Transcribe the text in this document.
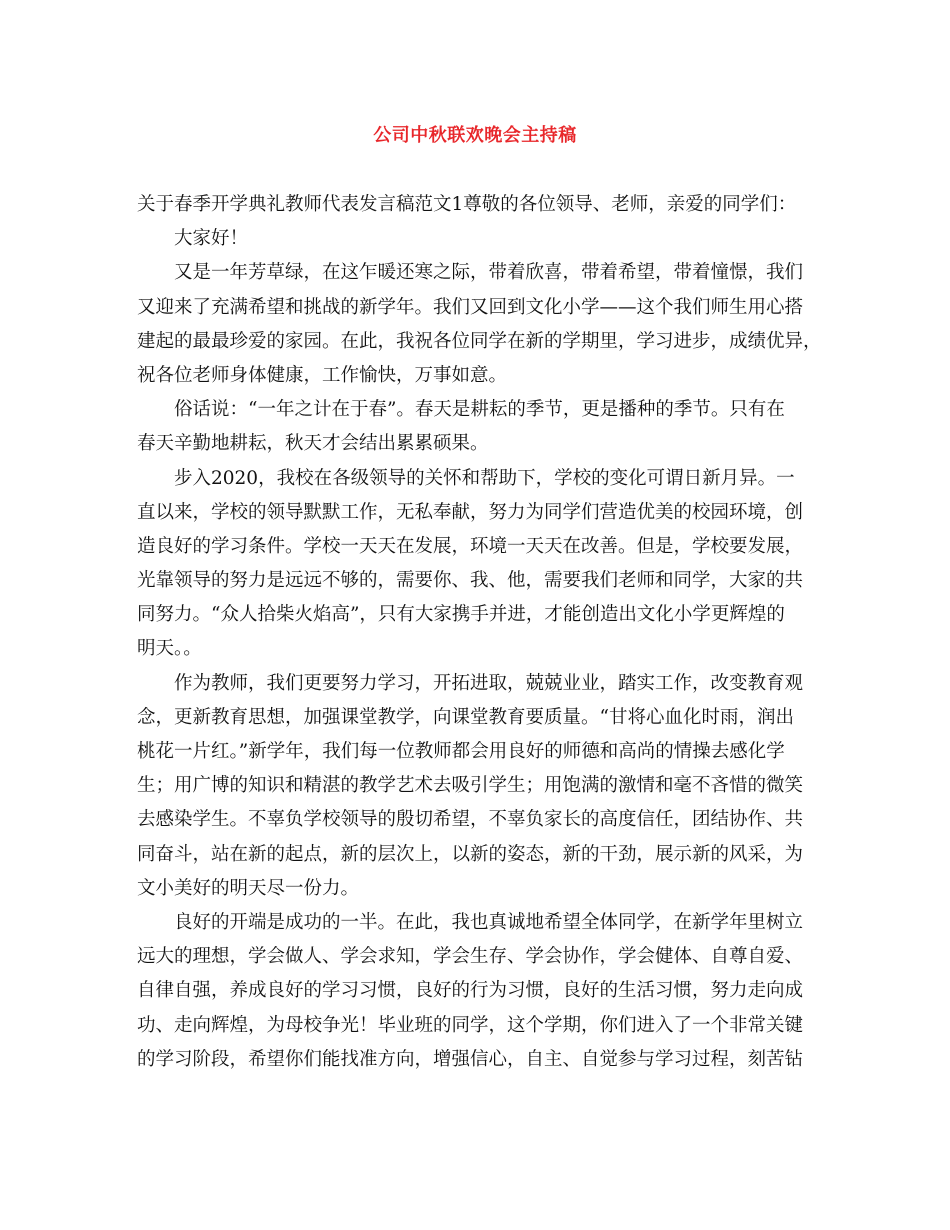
公司中秋联欢晚会主持稿
关于春季开学典礼教师代表发言稿范文1尊敬的各位领导、老师，亲爱的同学们：
大家好！
又是一年芳草绿，在这乍暖还寒之际，带着欣喜，带着希望，带着憧憬，我们
又迎来了充满希望和挑战的新学年。我们又回到文化小学——这个我们师生用心搭
建起的最最珍爱的家园。在此，我祝各位同学在新的学期里，学习进步，成绩优异，
祝各位老师身体健康，工作愉快，万事如意。
俗话说：“一年之计在于春”。春天是耕耘的季节，更是播种的季节。只有在
春天辛勤地耕耘，秋天才会结出累累硕果。
步入2020，我校在各级领导的关怀和帮助下，学校的变化可谓日新月异。一
直以来，学校的领导默默工作，无私奉献，努力为同学们营造优美的校园环境，创
造良好的学习条件。学校一天天在发展，环境一天天在改善。但是，学校要发展，
光靠领导的努力是远远不够的，需要你、我、他，需要我们老师和同学，大家的共
同努力。“众人拾柴火焰高”，只有大家携手并进，才能创造出文化小学更辉煌的
明天。。
作为教师，我们更要努力学习，开拓进取，兢兢业业，踏实工作，改变教育观
念，更新教育思想，加强课堂教学，向课堂教育要质量。“甘将心血化时雨，润出
桃花一片红。”新学年，我们每一位教师都会用良好的师德和高尚的情操去感化学
生；用广博的知识和精湛的教学艺术去吸引学生；用饱满的激情和毫不吝惜的微笑
去感染学生。不辜负学校领导的殷切希望，不辜负家长的高度信任，团结协作、共
同奋斗，站在新的起点，新的层次上，以新的姿态，新的干劲，展示新的风采，为
文小美好的明天尽一份力。
良好的开端是成功的一半。在此，我也真诚地希望全体同学，在新学年里树立
远大的理想，学会做人、学会求知，学会生存、学会协作，学会健体、自尊自爱、
自律自强，养成良好的学习习惯，良好的行为习惯，良好的生活习惯，努力走向成
功、走向辉煌，为母校争光！毕业班的同学，这个学期，你们进入了一个非常关键
的学习阶段，希望你们能找准方向，增强信心，自主、自觉参与学习过程，刻苦钻
